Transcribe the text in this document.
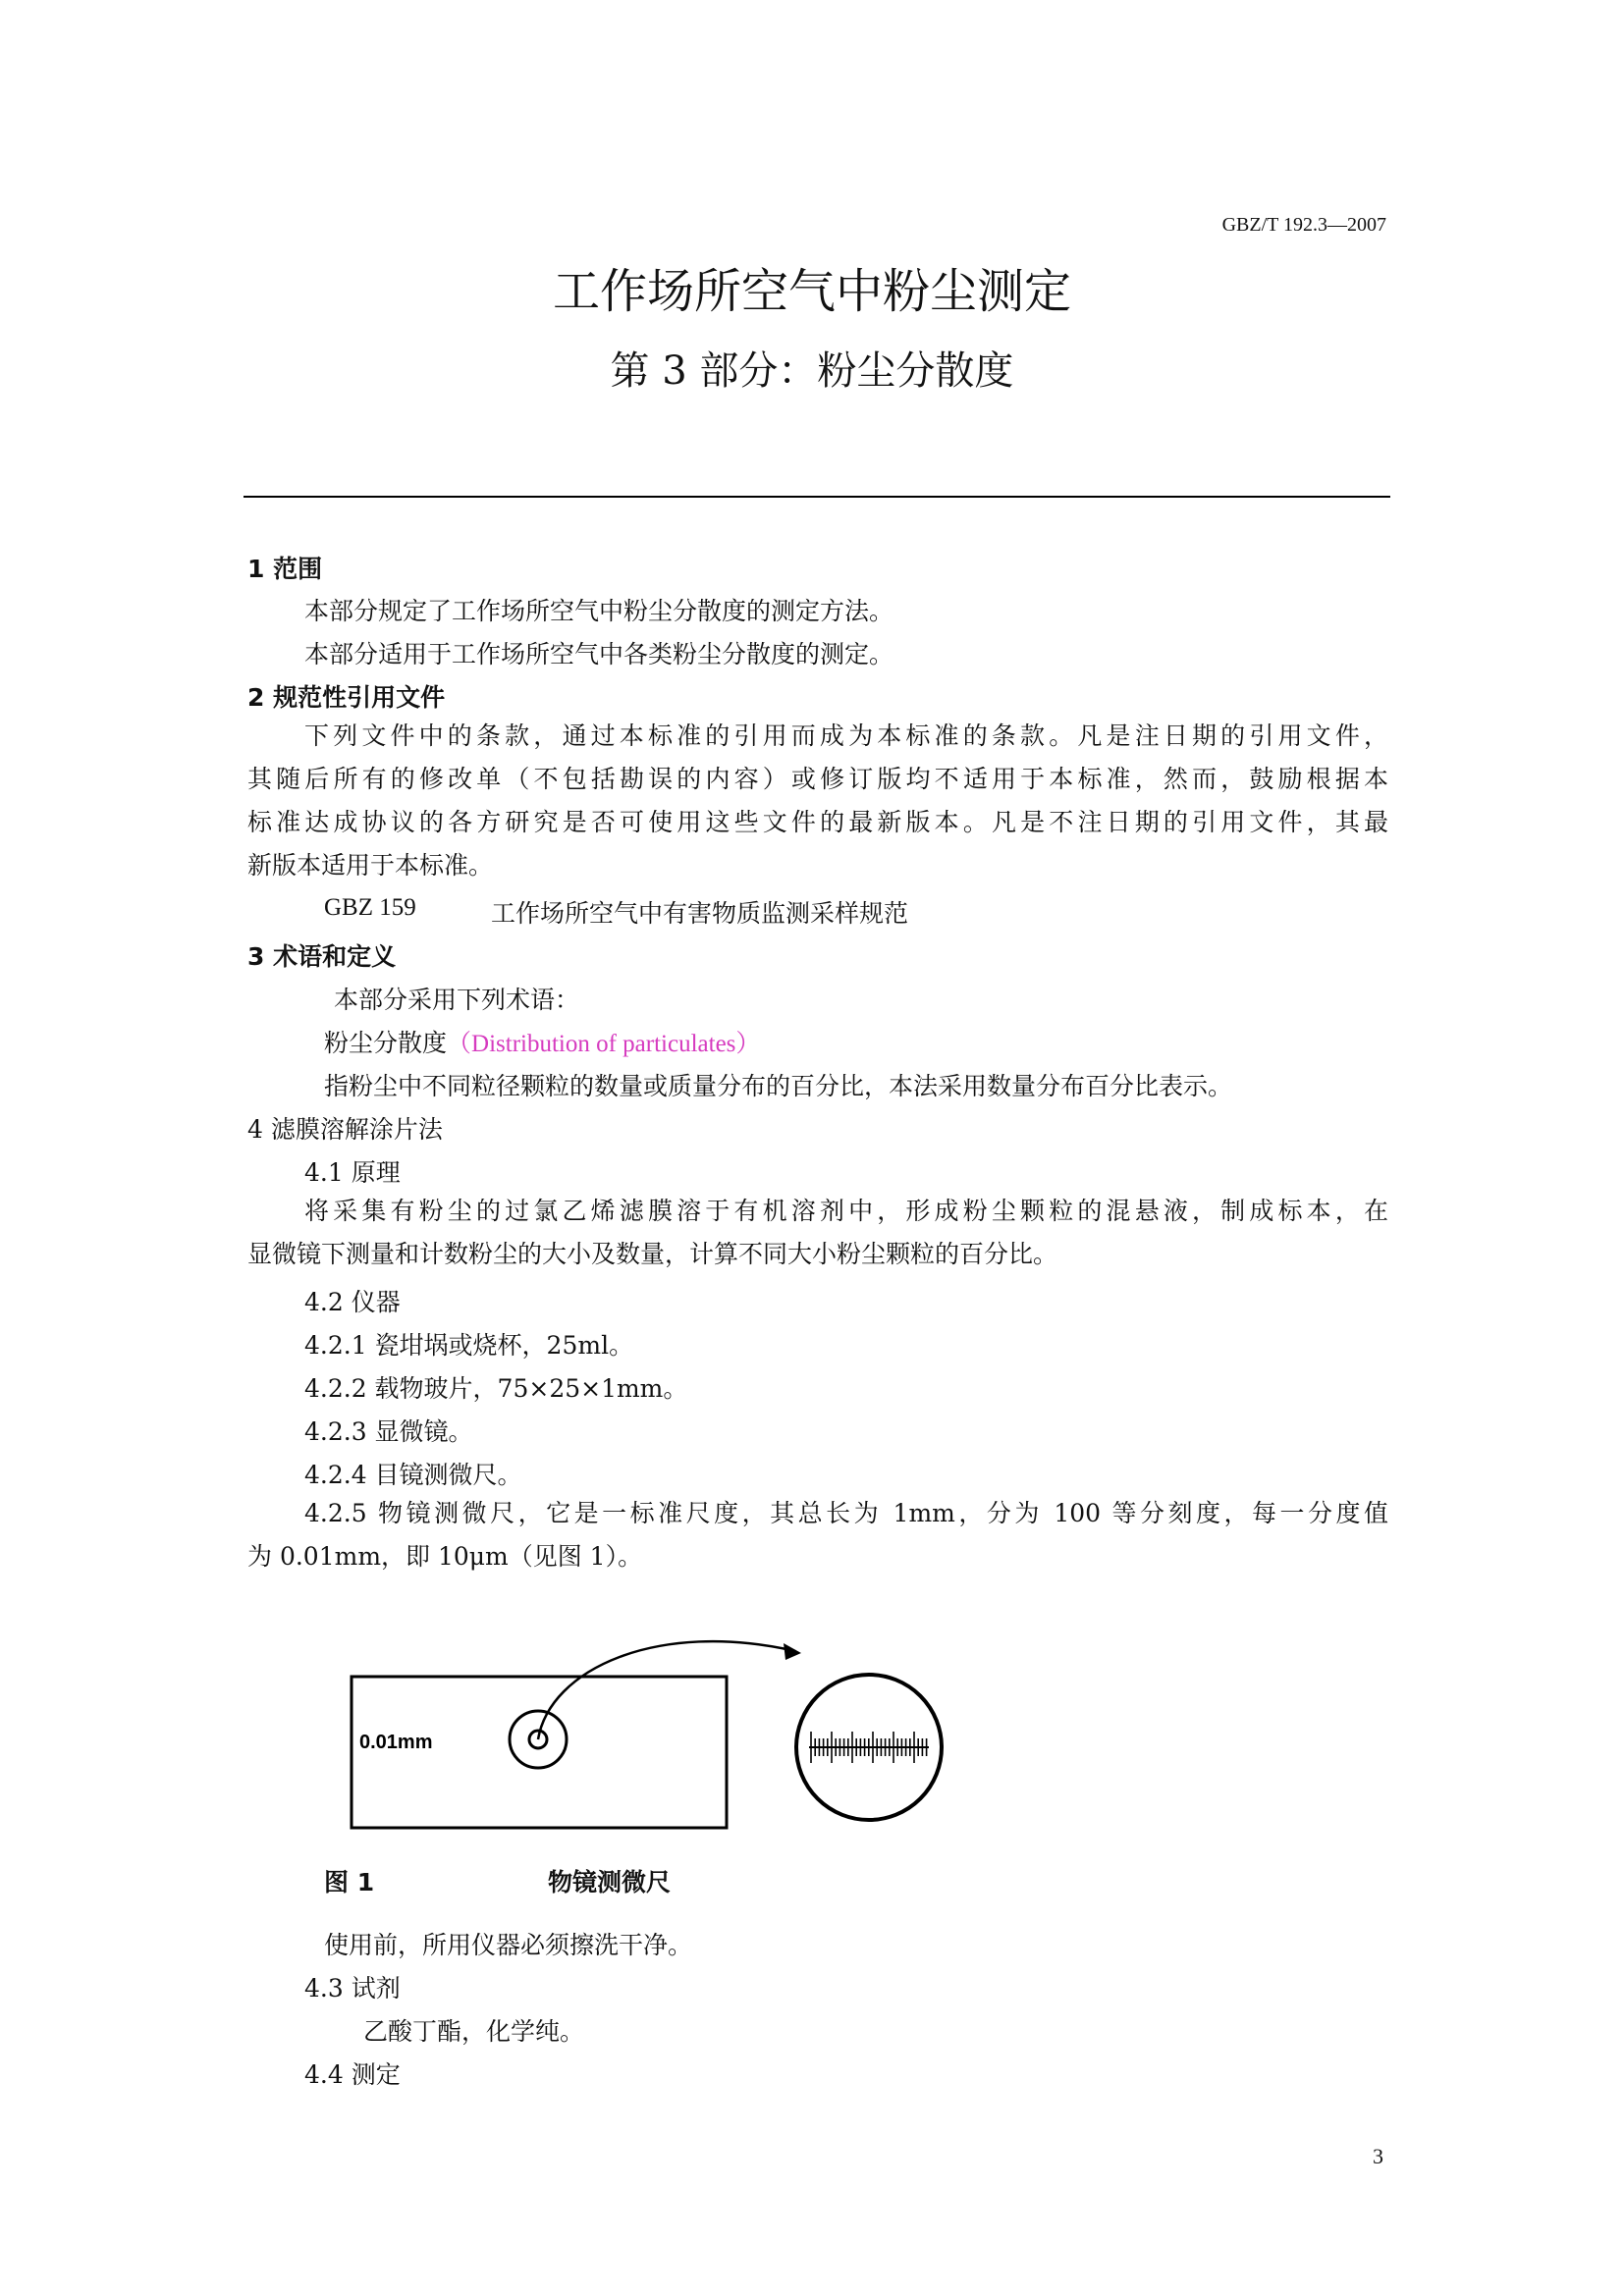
GBZ/T 192.3—2007
工作场所空气中粉尘测定
第 3 部分：粉尘分散度
1 范围
本部分规定了工作场所空气中粉尘分散度的测定方法。
本部分适用于工作场所空气中各类粉尘分散度的测定。
2 规范性引用文件
下列文件中的条款，通过本标准的引用而成为本标准的条款。凡是注日期的引用文件，
其随后所有的修改单（不包括勘误的内容）或修订版均不适用于本标准，然而，鼓励根据本
标准达成协议的各方研究是否可使用这些文件的最新版本。凡是不注日期的引用文件，其最
新版本适用于本标准。
GBZ 159	工作场所空气中有害物质监测采样规范
3 术语和定义
本部分采用下列术语：
粉尘分散度（Distribution of particulates）
指粉尘中不同粒径颗粒的数量或质量分布的百分比，本法采用数量分布百分比表示。
4 滤膜溶解涂片法
4.1 原理
将采集有粉尘的过氯乙烯滤膜溶于有机溶剂中，形成粉尘颗粒的混悬液，制成标本，在
显微镜下测量和计数粉尘的大小及数量，计算不同大小粉尘颗粒的百分比。
4.2 仪器
4.2.1 瓷坩埚或烧杯，25ml。
4.2.2 载物玻片，75×25×1mm。
4.2.3 显微镜。
4.2.4 目镜测微尺。
4.2.5 物镜测微尺，它是一标准尺度，其总长为 1mm，分为 100 等分刻度，每一分度值
为 0.01mm，即 10μm（见图 1）。
0.01mm
图 1	物镜测微尺
使用前，所用仪器必须擦洗干净。
4.3 试剂
乙酸丁酯，化学纯。
4.4 测定
3
